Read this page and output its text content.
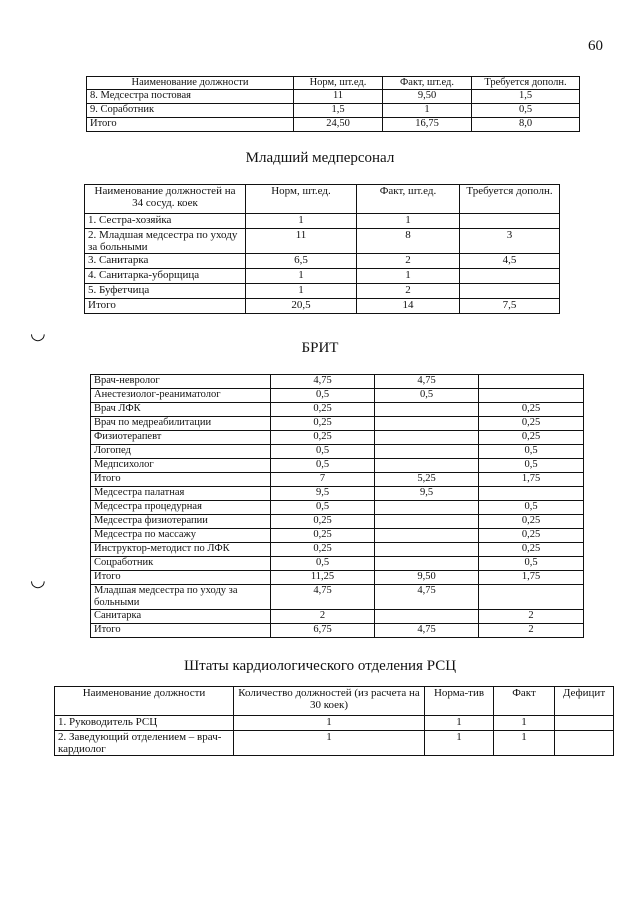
60
Наименование должности	Норм, шт.ед.	Факт, шт.ед.	Требуется дополн.
8. Медсестра постовая	11	9,50	1,5
9. Соработник	1,5	1	0,5
Итого	24,50	16,75	8,0
Младший медперсонал
Наименование должностей на 34 сосуд. коек	Норм, шт.ед.	Факт, шт.ед.	Требуется дополн.
1. Сестра-хозяйка	1	1	
2. Младшая медсестра по уходу за больными	11	8	3
3. Санитарка	6,5	2	4,5
4. Санитарка-уборщица	1	1	
5. Буфетчица	1	2	
Итого	20,5	14	7,5
◡
БРИТ
Врач-невролог	4,75	4,75	
Анестезиолог-реаниматолог	0,5	0,5	
Врач ЛФК	0,25		0,25
Врач по медреабилитации	0,25		0,25
Физиотерапевт	0,25		0,25
Логопед	0,5		0,5
Медпсихолог	0,5		0,5
Итого	7	5,25	1,75
Медсестра палатная	9,5	9,5	
Медсестра процедурная	0,5		0,5
Медсестра физиотерапии	0,25		0,25
Медсестра по массажу	0,25		0,25
Инструктор-методист по ЛФК	0,25		0,25
Соцработник	0,5		0,5
Итого	11,25	9,50	1,75
Младшая медсестра по уходу за больными	4,75	4,75	
Санитарка	2		2
Итого	6,75	4,75	2
◡
Штаты кардиологического отделения РСЦ
Наименование должности	Количество должностей (из расчета на 30 коек)	Норма-тив	Факт	Дефицит
1. Руководитель РСЦ	1	1	1	
2. Заведующий отделением – врач-кардиолог	1	1	1	
